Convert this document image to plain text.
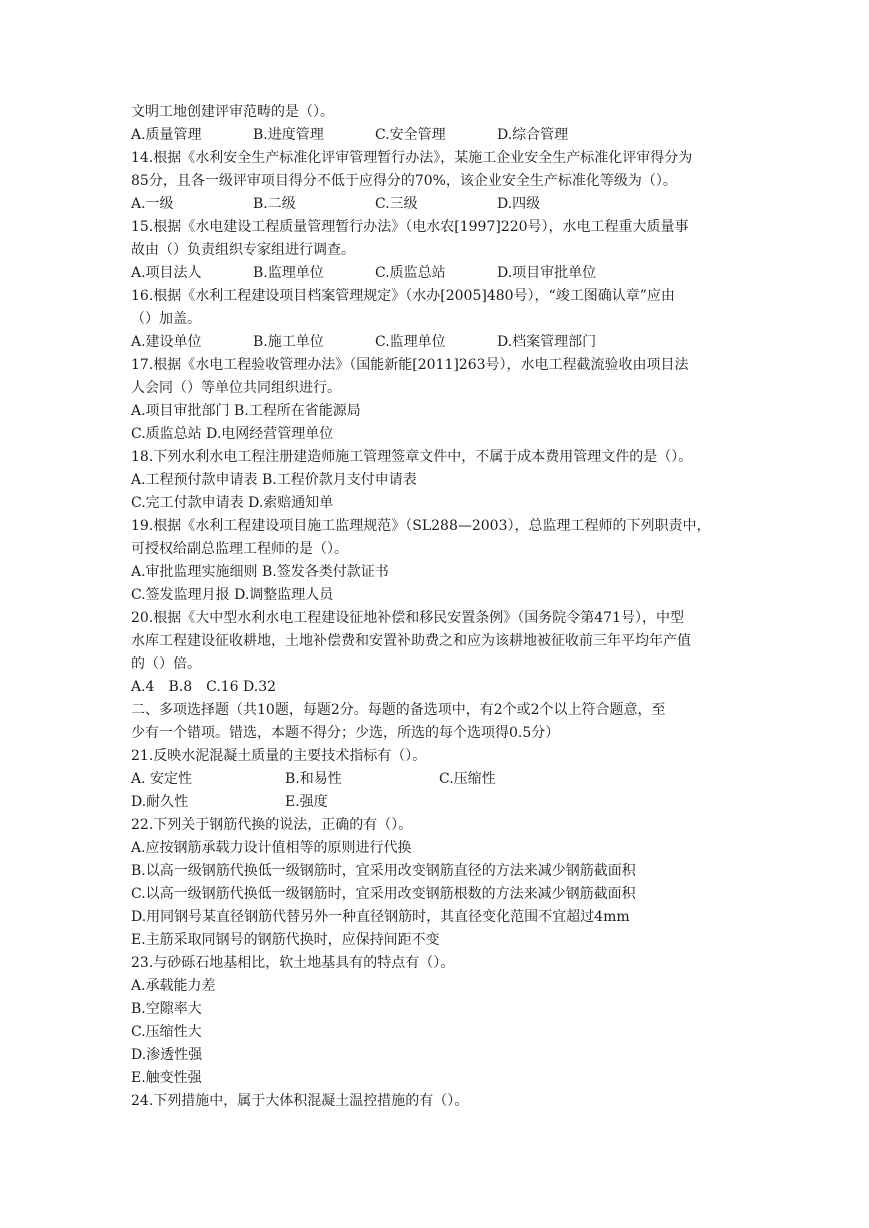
文明工地创建评审范畴的是（）。
A.质量管理	B.进度管理	C.安全管理	D.综合管理
14.根据《水利安全生产标准化评审管理暂行办法》，某施工企业安全生产标准化评审得分为
85分，且各一级评审项目得分不低于应得分的70%，该企业安全生产标准化等级为（）。
A.一级	B.二级	C.三级	D.四级
15.根据《水电建设工程质量管理暂行办法》（电水农[1997]220号），水电工程重大质量事
故由（）负责组织专家组进行调查。
A.项目法人	B.监理单位	C.质监总站	D.项目审批单位
16.根据《水利工程建设项目档案管理规定》（水办[2005]480号），“竣工图确认章”应由
（）加盖。
A.建设单位	B.施工单位	C.监理单位	D.档案管理部门
17.根据《水电工程验收管理办法》（国能新能[2011]263号），水电工程截流验收由项目法
人会同（）等单位共同组织进行。
A.项目审批部门 B.工程所在省能源局
C.质监总站 D.电网经营管理单位
18.下列水利水电工程注册建造师施工管理签章文件中，不属于成本费用管理文件的是（）。
A.工程预付款申请表 B.工程价款月支付申请表
C.完工付款申请表 D.索赔通知单
19.根据《水利工程建设项目施工监理规范》（SL288—2003），总监理工程师的下列职责中，
可授权给副总监理工程师的是（）。
A.审批监理实施细则 B.签发各类付款证书
C.签发监理月报 D.调整监理人员
20.根据《大中型水利水电工程建设征地补偿和移民安置条例》（国务院令第471号），中型
水库工程建设征收耕地，土地补偿费和安置补助费之和应为该耕地被征收前三年平均年产值
的（）倍。
A.4　B.8　C.16 D.32
二、多项选择题（共10题，每题2分。每题的备选项中，有2个或2个以上符合题意，至
少有一个错项。错选，本题不得分；少选，所选的每个选项得0.5分）
21.反映水泥混凝土质量的主要技术指标有（）。
A. 安定性	B.和易性	C.压缩性
D.耐久性	E.强度
22.下列关于钢筋代换的说法，正确的有（）。
A.应按钢筋承载力设计值相等的原则进行代换
B.以高一级钢筋代换低一级钢筋时，宜采用改变钢筋直径的方法来减少钢筋截面积
C.以高一级钢筋代换低一级钢筋时，宜采用改变钢筋根数的方法来减少钢筋截面积
D.用同钢号某直径钢筋代替另外一种直径钢筋时，其直径变化范围不宜超过4mm
E.主筋采取同钢号的钢筋代换时，应保持间距不变
23.与砂砾石地基相比，软土地基具有的特点有（）。
A.承载能力差
B.空隙率大
C.压缩性大
D.渗透性强
E.触变性强
24.下列措施中，属于大体积混凝土温控措施的有（）。
